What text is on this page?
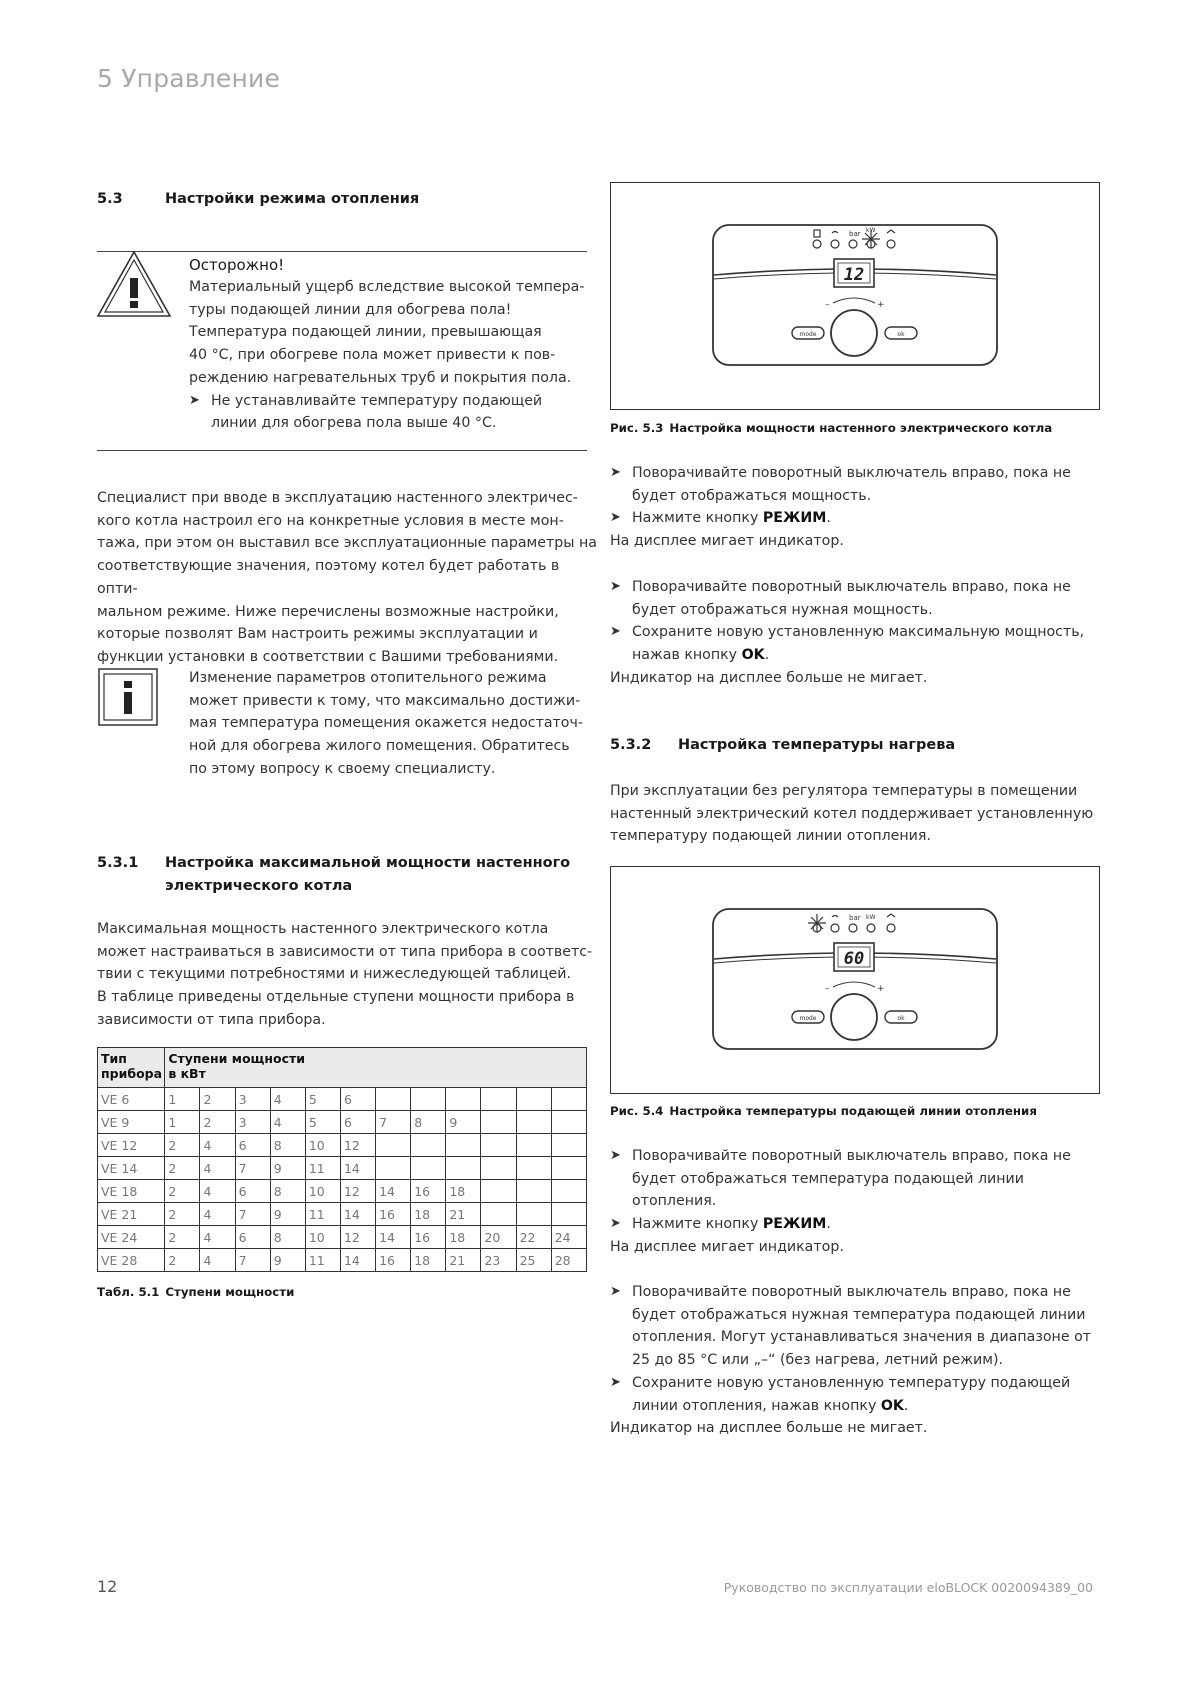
5 Управление
5.3	Настройки режима отопления
Осторожно!

Материальный ущерб вследствие высокой темпера-

туры подающей линии для обогрева пола!

Температура подающей линии, превышающая

40 °C, при обогреве пола может привести к пов-

реждению нагревательных труб и покрытия пола.

➤ Не устанавливайте температуру подающей
линии для обогрева пола выше 40 °C.

Специалист при вводе в эксплуатацию настенного электричес-

кого котла настроил его на конкретные условия в месте мон-

тажа, при этом он выставил все эксплуатационные параметры на

соответствующие значения, поэтому котел будет работать в опти-

мальном режиме. Ниже перечислены возможные настройки,

которые позволят Вам настроить режимы эксплуатации и

функции установки в соответствии с Вашими требованиями.

Изменение параметров отопительного режима

может привести к тому, что максимально достижи-

мая температура помещения окажется недостаточ-

ной для обогрева жилого помещения. Обратитесь

по этому вопросу к своему специалисту.

5.3.1 Настройка максимальной мощности настенного
электрического котла

Максимальная мощность настенного электрического котла

может настраиваться в зависимости от типа прибора в соответс-

твии с текущими потребностями и нижеследующей таблицей.

В таблице приведены отдельные ступени мощности прибора в

зависимости от типа прибора.

Тип
прибора	Ступени мощности
в кВт											
VE 6	1	2	3	4	5	6						
VE 9	1	2	3	4	5	6	7	8	9			
VE 12	2	4	6	8	10	12						
VE 14	2	4	7	9	11	14						
VE 18	2	4	6	8	10	12	14	16	18			
VE 21	2	4	7	9	11	14	16	18	21			
VE 24	2	4	6	8	10	12	14	16	18	20	22	24
VE 28	2	4	7	9	11	14	16	18	21	23	25	28
Табл. 5.1 Ступени мощности
bar kW
12
–	+
mode	ok
Рис. 5.3 Настройка мощности настенного электрического котла
➤ Поворачивайте поворотный выключатель вправо, пока не
будет отображаться мощность.
➤ Нажмите кнопку РЕЖИМ.

На дисплее мигает индикатор.

➤ Поворачивайте поворотный выключатель вправо, пока не
будет отображаться нужная мощность.
➤ Сохраните новую установленную максимальную мощность,
нажав кнопку OK.

Индикатор на дисплее больше не мигает.

5.3.2 Настройка температуры нагрева

При эксплуатации без регулятора температуры в помещении

настенный электрический котел поддерживает установленную

температуру подающей линии отопления.

bar kW
60
–	+
mode	ok
Рис. 5.4 Настройка температуры подающей линии отопления
➤ Поворачивайте поворотный выключатель вправо, пока не
будет отображаться температура подающей линии
отопления.
➤ Нажмите кнопку РЕЖИМ.

На дисплее мигает индикатор.

➤ Поворачивайте поворотный выключатель вправо, пока не
будет отображаться нужная температура подающей линии
отопления. Могут устанавливаться значения в диапазоне от
25 до 85 °C или „–“ (без нагрева, летний режим).
➤ Сохраните новую установленную температуру подающей
линии отопления, нажав кнопку OK.

Индикатор на дисплее больше не мигает.

12	Руководство по эксплуатации eloBLOCK 0020094389_00
